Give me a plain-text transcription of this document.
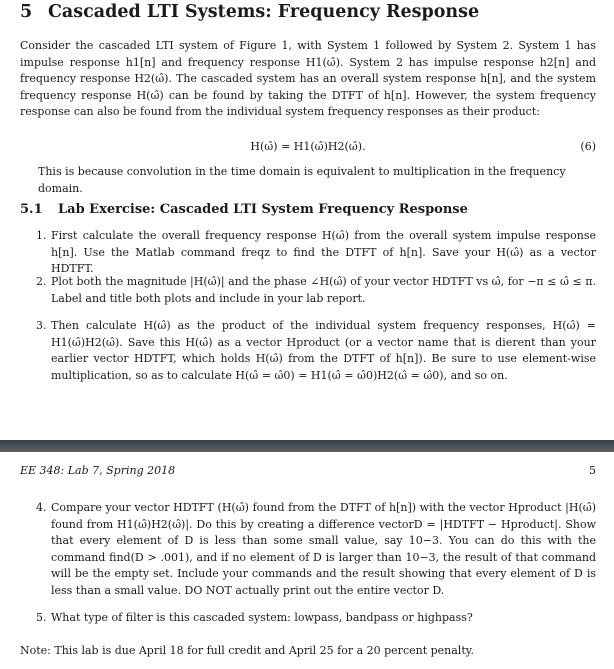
5 Cascaded LTI Systems: Frequency Response
Consider the cascaded LTI system of Figure 1, with System 1 followed by System 2. System 1 has impulse response h1[n] and frequency response H1(ω̂). System 2 has impulse response h2[n] and frequency response H2(ω̂). The cascaded system has an overall system response h[n], and the system frequency response H(ω̂) can be found by taking the DTFT of h[n]. However, the system frequency response can also be found from the individual system frequency responses as their product:
H(ω̂) = H1(ω̂)H2(ω̂).	(6)
This is because convolution in the time domain is equivalent to multiplication in the frequency domain.
5.1 Lab Exercise: Cascaded LTI System Frequency Response
1. First calculate the overall frequency response H(ω̂) from the overall system impulse response h[n]. Use the Matlab command freqz to find the DTFT of h[n]. Save your H(ω̂) as a vector HDTFT.
2. Plot both the magnitude |H(ω̂)| and the phase ∠H(ω̂) of your vector HDTFT vs ω̂, for −π ≤ ω̂ ≤ π. Label and title both plots and include in your lab report.
3. Then calculate H(ω̂) as the product of the individual system frequency responses, H(ω̂) = H1(ω̂)H2(ω̂). Save this H(ω̂) as a vector Hproduct (or a vector name that is dierent than your earlier vector HDTFT, which holds H(ω̂) from the DTFT of h[n]). Be sure to use element-wise multiplication, so as to calculate H(ω̂ = ω̂0) = H1(ω̂ = ω̂0)H2(ω̂ = ω̂0), and so on.
EE 348: Lab 7, Spring 2018	5
4. Compare your vector HDTFT (H(ω̂) found from the DTFT of h[n]) with the vector Hproduct |H(ω̂) found from H1(ω̂)H2(ω̂)|. Do this by creating a difference vectorD = |HDTFT − Hproduct|. Show that every element of D is less than some small value, say 10−3. You can do this with the command find(D > .001), and if no element of D is larger than 10−3, the result of that command will be the empty set. Include your commands and the result showing that every element of D is less than a small value. DO NOT actually print out the entire vector D.
5. What type of filter is this cascaded system: lowpass, bandpass or highpass?
Note: This lab is due April 18 for full credit and April 25 for a 20 percent penalty.
